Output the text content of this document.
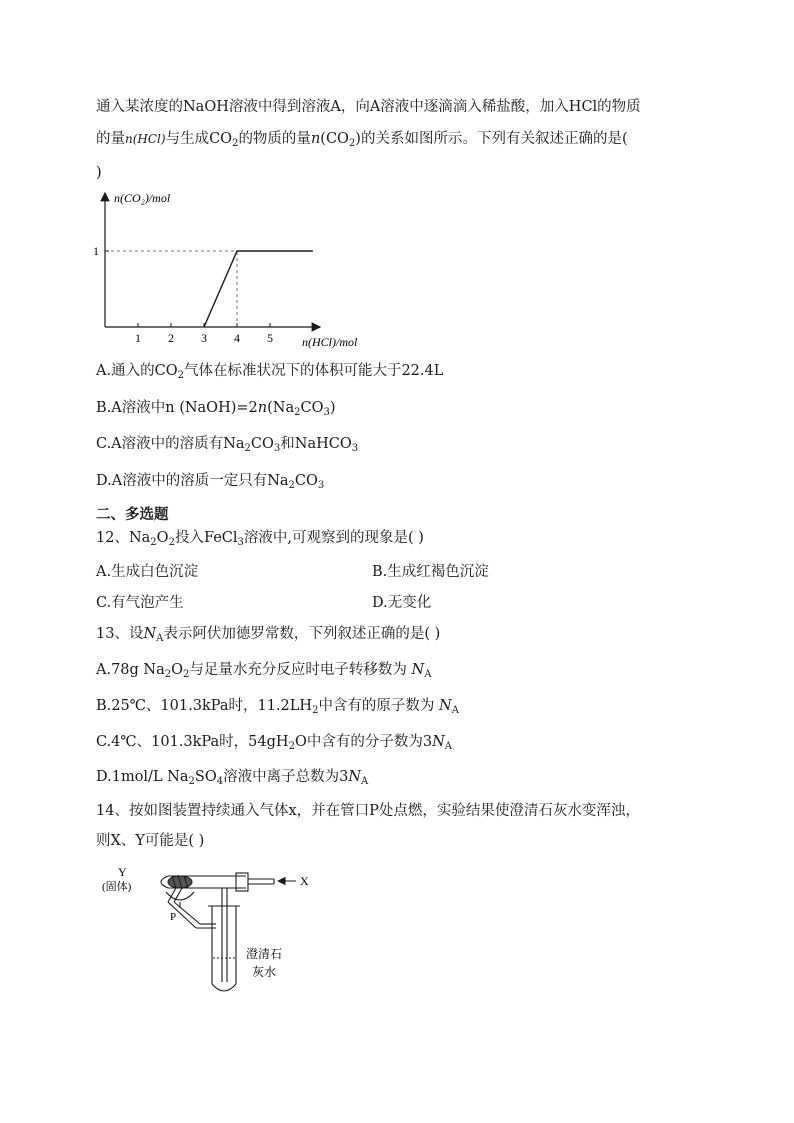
通入某浓度的NaOH溶液中得到溶液A，向A溶液中逐滴滴入稀盐酸，加入HCl的物质
的量n(HCl)与生成$CO_2$的物质的量$n(CO_2)$的关系如图所示。下列有关叙述正确的是(
)
n(CO₂)/mol
n(HCl)/mol
1 2 3 4 5
1
A.通入的$CO_2$气体在标准状况下的体积可能大于22.4L
B.A溶液中n $(NaOH)=2n(Na_2CO_3)$
C.A溶液中的溶质有$Na_2CO_3$和NaHCO$_3$
D.A溶液中的溶质一定只有$Na_2CO_3$
二、多选题
12、$Na_2O_2$投入FeCl$_3$溶液中,可观察到的现象是( )
A.生成白色沉淀	B.生成红褐色沉淀
C.有气泡产生	D.无变化
13、设$N_A$表示阿伏加德罗常数，下列叙述正确的是( )
A.78g $Na_2O_2$与足量水充分反应时电子转移数为 $N_A$
B.25℃、101.3kPa时，$11.2LH_2$中含有的原子数为 $N_A$
C.4℃、101.3kPa时，$54gH_2O$中含有的分子数为$3N_A$
D.1mol/L $Na_2SO_4$溶液中离子总数为$3N_A$
14、按如图装置持续通入气体x，并在管口P处点燃，实验结果使澄清石灰水变浑浊，
则X、Y可能是( )
Y
(固体)	X
P
澄清石
灰水
